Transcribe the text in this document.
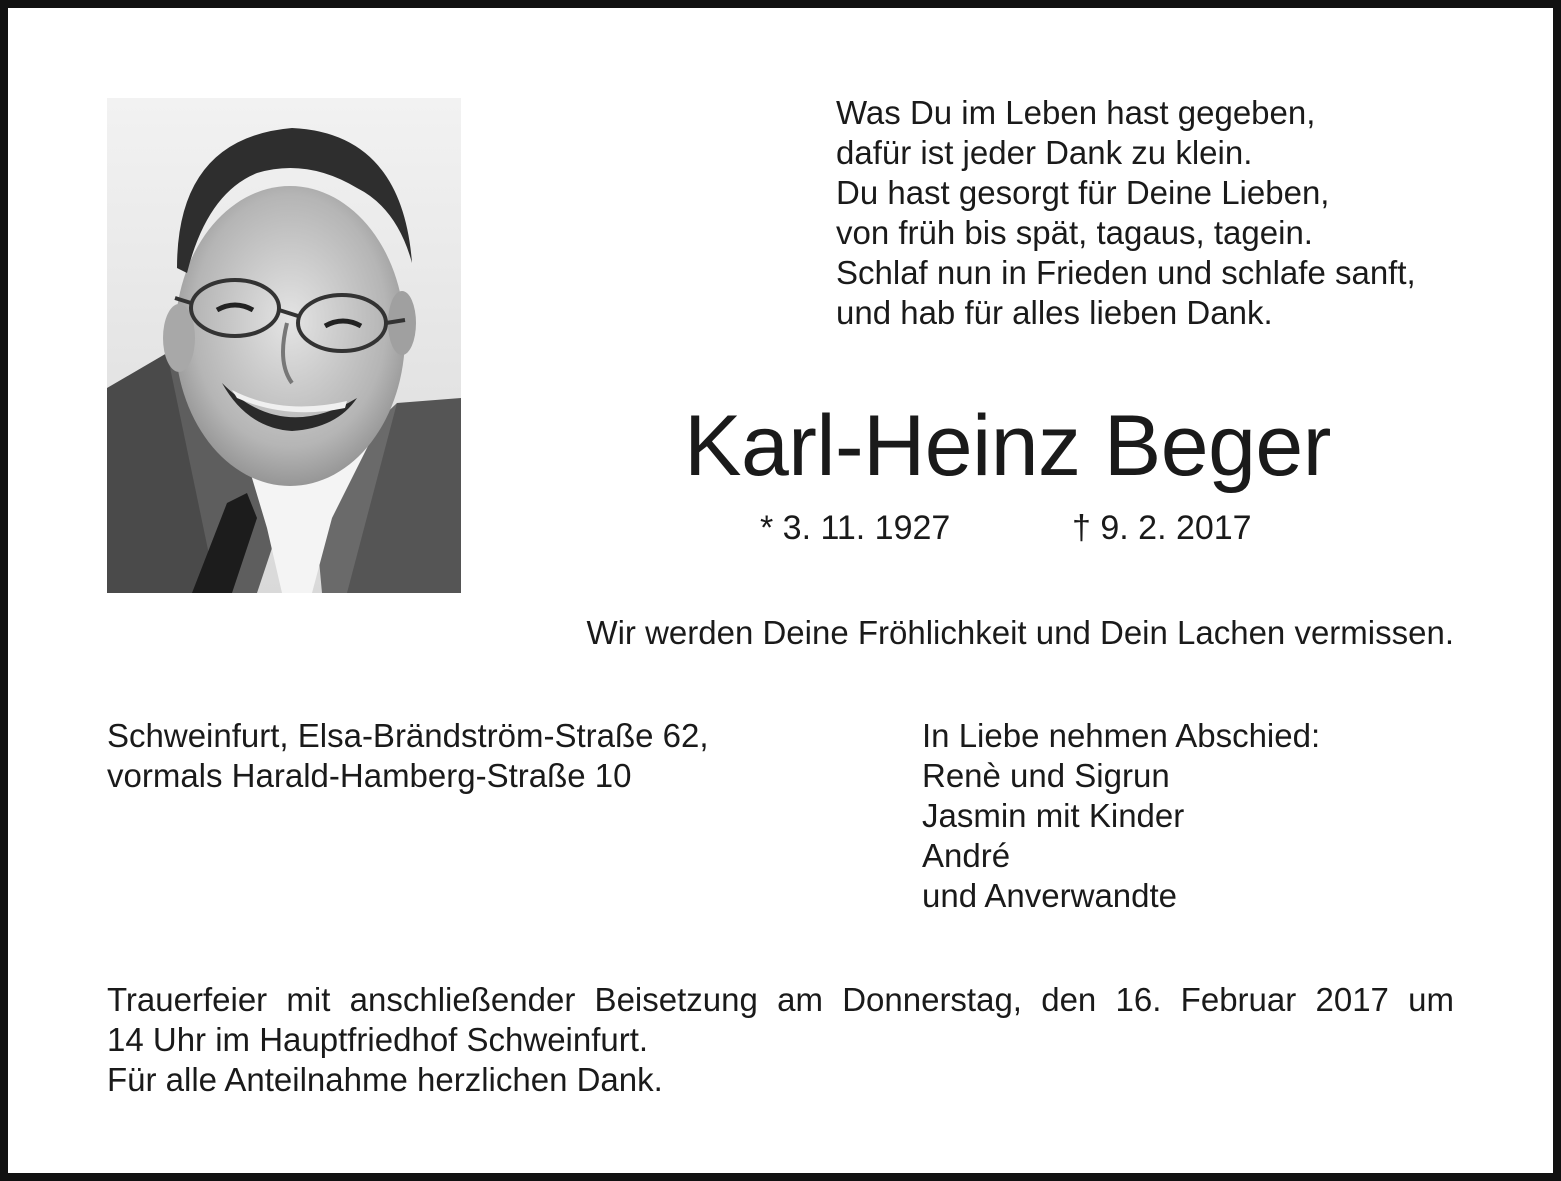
Was Du im Leben hast gegeben,
dafür ist jeder Dank zu klein.
Du hast gesorgt für Deine Lieben,
von früh bis spät, tagaus, tagein.
Schlaf nun in Frieden und schlafe sanft,
und hab für alles lieben Dank.
Karl-Heinz Beger
* 3. 11. 1927	† 9. 2. 2017
Wir werden Deine Fröhlichkeit und Dein Lachen vermissen.
Schweinfurt, Elsa-Brändström-Straße 62,
vormals Harald-Hamberg-Straße 10
In Liebe nehmen Abschied:
Renè und Sigrun
Jasmin mit Kinder
André
und Anverwandte
Trauerfeier mit anschließender Beisetzung am Donnerstag, den 16. Februar 2017 um
14 Uhr im Hauptfriedhof Schweinfurt.
Für alle Anteilnahme herzlichen Dank.
